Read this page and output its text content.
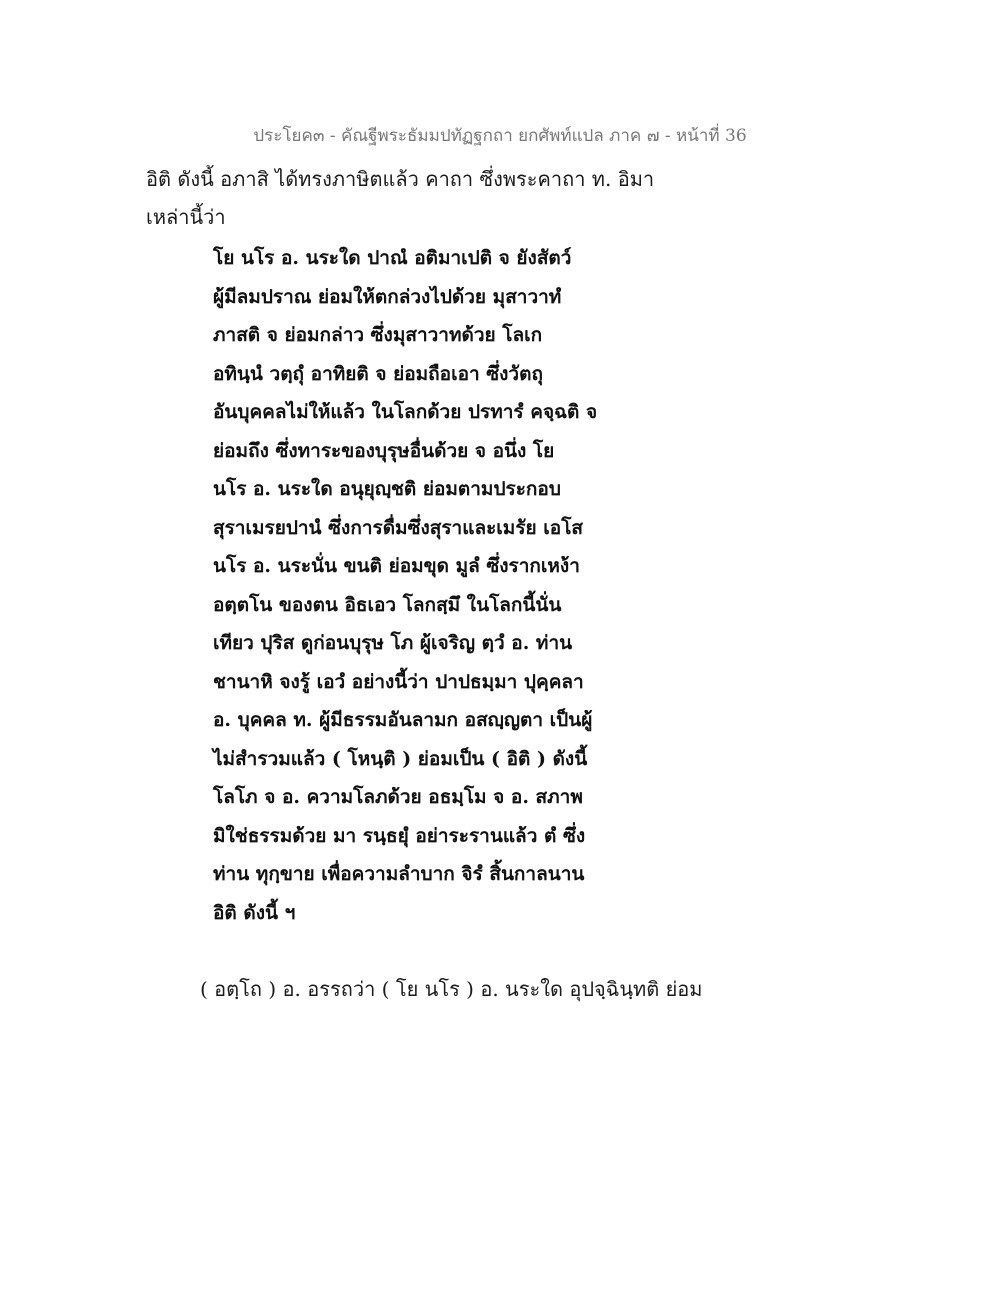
ประโยค๓ - คัณฐีพระธัมมปทัฏฐกถา ยกศัพท์แปล ภาค ๗ - หน้าที่ 36
อิติ ดังนี้ อภาสิ ได้ทรงภาษิตแล้ว คาถา ซึ่งพระคาถา ท. อิมา
เหล่านี้ว่า
โย นโร อ. นระใด ปาณํ อติมาเปติ จ ยังสัตว์
ผู้มีลมปราณ ย่อมให้ตกล่วงไปด้วย มุสาวาทํ
ภาสติ จ ย่อมกล่าว ซึ่งมุสาวาทด้วย โลเก
อทินฺนํ วตฺถุํ อาทิยติ จ ย่อมถือเอา ซึ่งวัตถุ
อันบุคคลไม่ให้แล้ว ในโลกด้วย ปรทารํ คจฺฉติ จ
ย่อมถึง ซึ่งทาระของบุรุษอื่นด้วย จ อนึ่ง โย
นโร อ. นระใด อนุยุญฺชติ ย่อมตามประกอบ
สุราเมรยปานํ ซึ่งการดื่มซึ่งสุราและเมรัย เอโส
นโร อ. นระนั่น ขนติ ย่อมขุด มูลํ ซึ่งรากเหง้า
อตฺตโน ของตน อิธเอว โลกสฺมึ ในโลกนี้นั่น
เทียว ปุริส ดูก่อนบุรุษ โภ ผู้เจริญ ตฺวํ อ. ท่าน
ชานาหิ จงรู้ เอวํ อย่างนี้ว่า ปาปธมฺมา ปุคฺคลา
อ. บุคคล ท. ผู้มีธรรมอันลามก อสญฺญตา เป็นผู้
ไม่สำรวมแล้ว ( โหนฺติ ) ย่อมเป็น ( อิติ ) ดังนี้
โลโภ จ อ. ความโลภด้วย อธมฺโม จ อ. สภาพ
มิใช่ธรรมด้วย มา รนฺธยุํ อย่าระรานแล้ว ตํ ซึ่ง
ท่าน ทุกฺขาย เพื่อความลำบาก จิรํ สิ้นกาลนาน
อิติ ดังนี้ ฯ
( อตฺโถ ) อ. อรรถว่า ( โย นโร ) อ. นระใด อุปจฺฉินฺทติ ย่อม
